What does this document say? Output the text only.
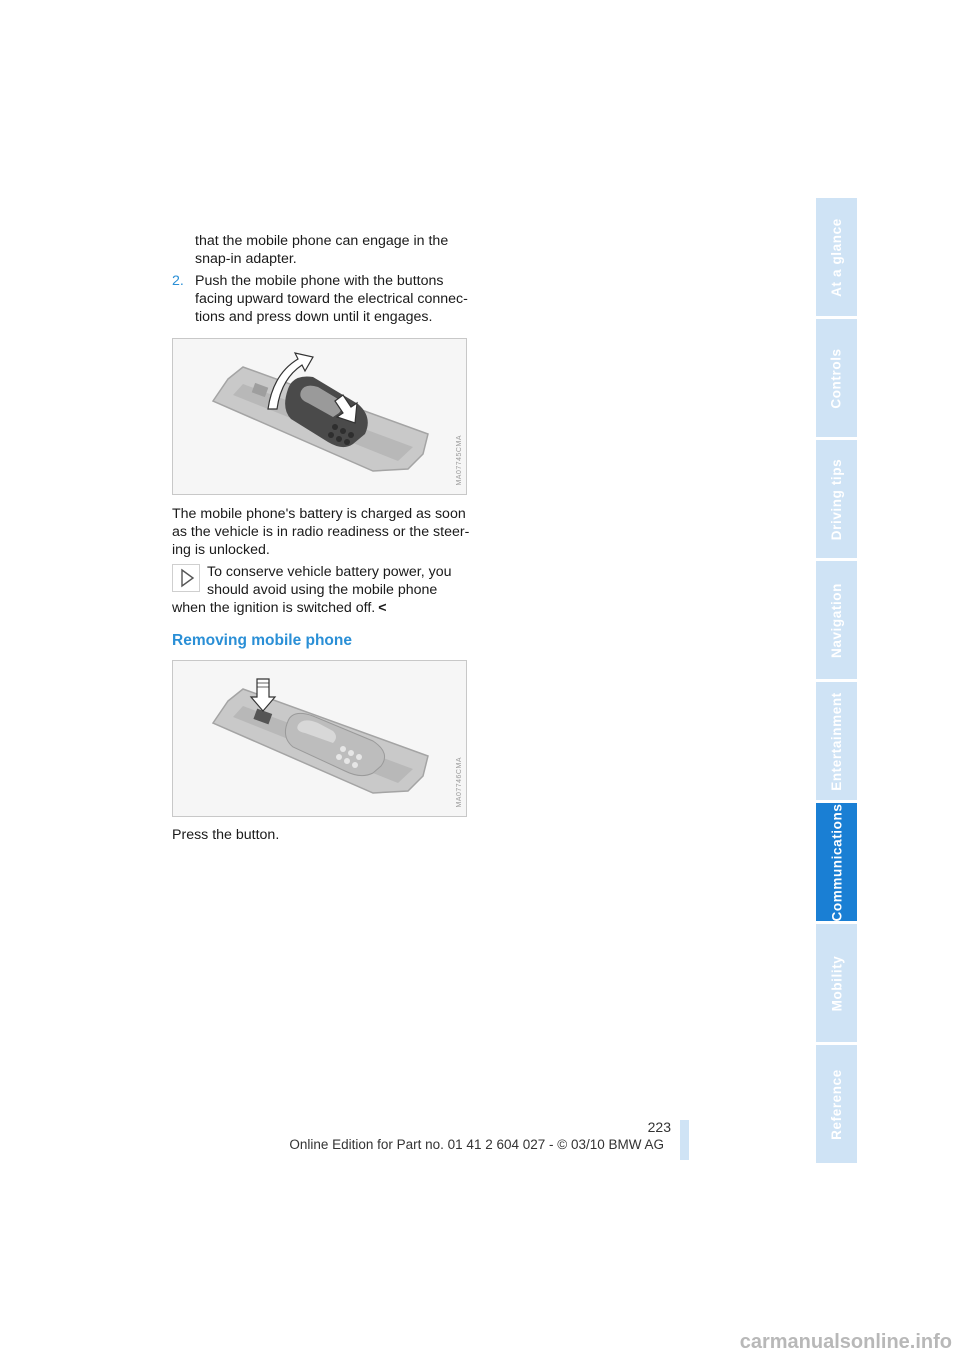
that the mobile phone can engage in the
snap-in adapter.
2. Push the mobile phone with the buttons
facing upward toward the electrical connec-
tions and press down until it engages.
MA07745CMA
The mobile phone's battery is charged as soon
as the vehicle is in radio readiness or the steer-
ing is unlocked.
To conserve vehicle battery power, you
should avoid using the mobile phone
when the ignition is switched off. <
Removing mobile phone
MA07746CMA
Press the button.
At a glance
Controls
Driving tips
Navigation
Entertainment
Communications
Mobility
Reference
223
Online Edition for Part no. 01 41 2 604 027 - © 03/10 BMW AG
carmanualsonline.info
